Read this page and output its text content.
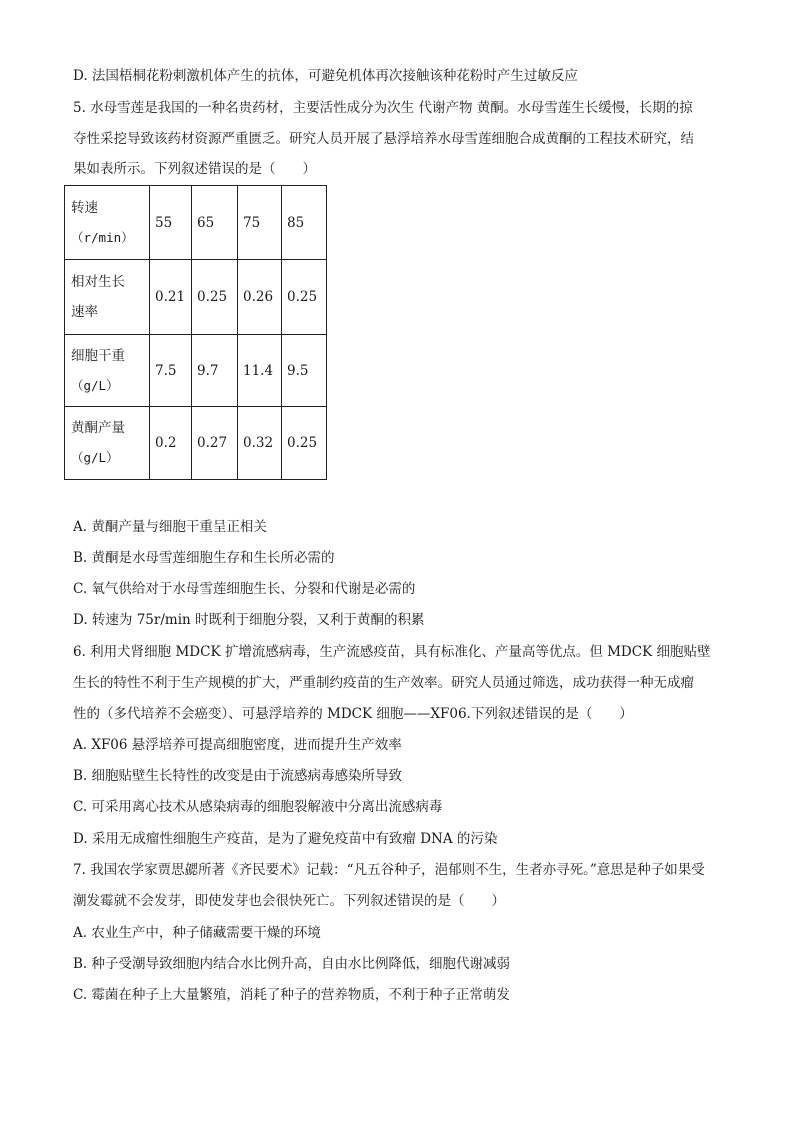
D. 法国梧桐花粉刺激机体产生的抗体，可避免机体再次接触该种花粉时产生过敏反应
5. 水母雪莲是我国的一种名贵药材，主要活性成分为次生 代谢产物 黄酮。水母雪莲生长缓慢，长期的掠
夺性采挖导致该药材资源严重匮乏。研究人员开展了悬浮培养水母雪莲细胞合成黄酮的工程技术研究，结
果如表所示。下列叙述错误的是（　　）
转速
（r/min）	55	65	75	85

相对生长
速率	0.21	0.25	0.26	0.25

细胞干重
（g/L）	7.5	9.7	11.4	9.5

黄酮产量
（g/L）	0.2	0.27	0.32	0.25
A. 黄酮产量与细胞干重呈正相关
B. 黄酮是水母雪莲细胞生存和生长所必需的
C. 氧气供给对于水母雪莲细胞生长、分裂和代谢是必需的
D. 转速为 75r/min 时既利于细胞分裂，又利于黄酮的积累
6. 利用犬肾细胞 MDCK 扩增流感病毒，生产流感疫苗，具有标准化、产量高等优点。但 MDCK 细胞贴壁
生长的特性不利于生产规模的扩大，严重制约疫苗的生产效率。研究人员通过筛选，成功获得一种无成瘤
性的（多代培养不会癌变）、可悬浮培养的 MDCK 细胞——XF06.下列叙述错误的是（　　）
A. XF06 悬浮培养可提高细胞密度，进而提升生产效率
B. 细胞贴壁生长特性的改变是由于流感病毒感染所导致
C. 可采用离心技术从感染病毒的细胞裂解液中分离出流感病毒
D. 采用无成瘤性细胞生产疫苗，是为了避免疫苗中有致瘤 DNA 的污染
7. 我国农学家贾思勰所著《齐民要术》记载：“凡五谷种子，浥郁则不生，生者亦寻死。”意思是种子如果受
潮发霉就不会发芽，即使发芽也会很快死亡。下列叙述错误的是（　　）
A. 农业生产中，种子储藏需要干燥的环境
B. 种子受潮导致细胞内结合水比例升高，自由水比例降低，细胞代谢减弱
C. 霉菌在种子上大量繁殖，消耗了种子的营养物质，不利于种子正常萌发
